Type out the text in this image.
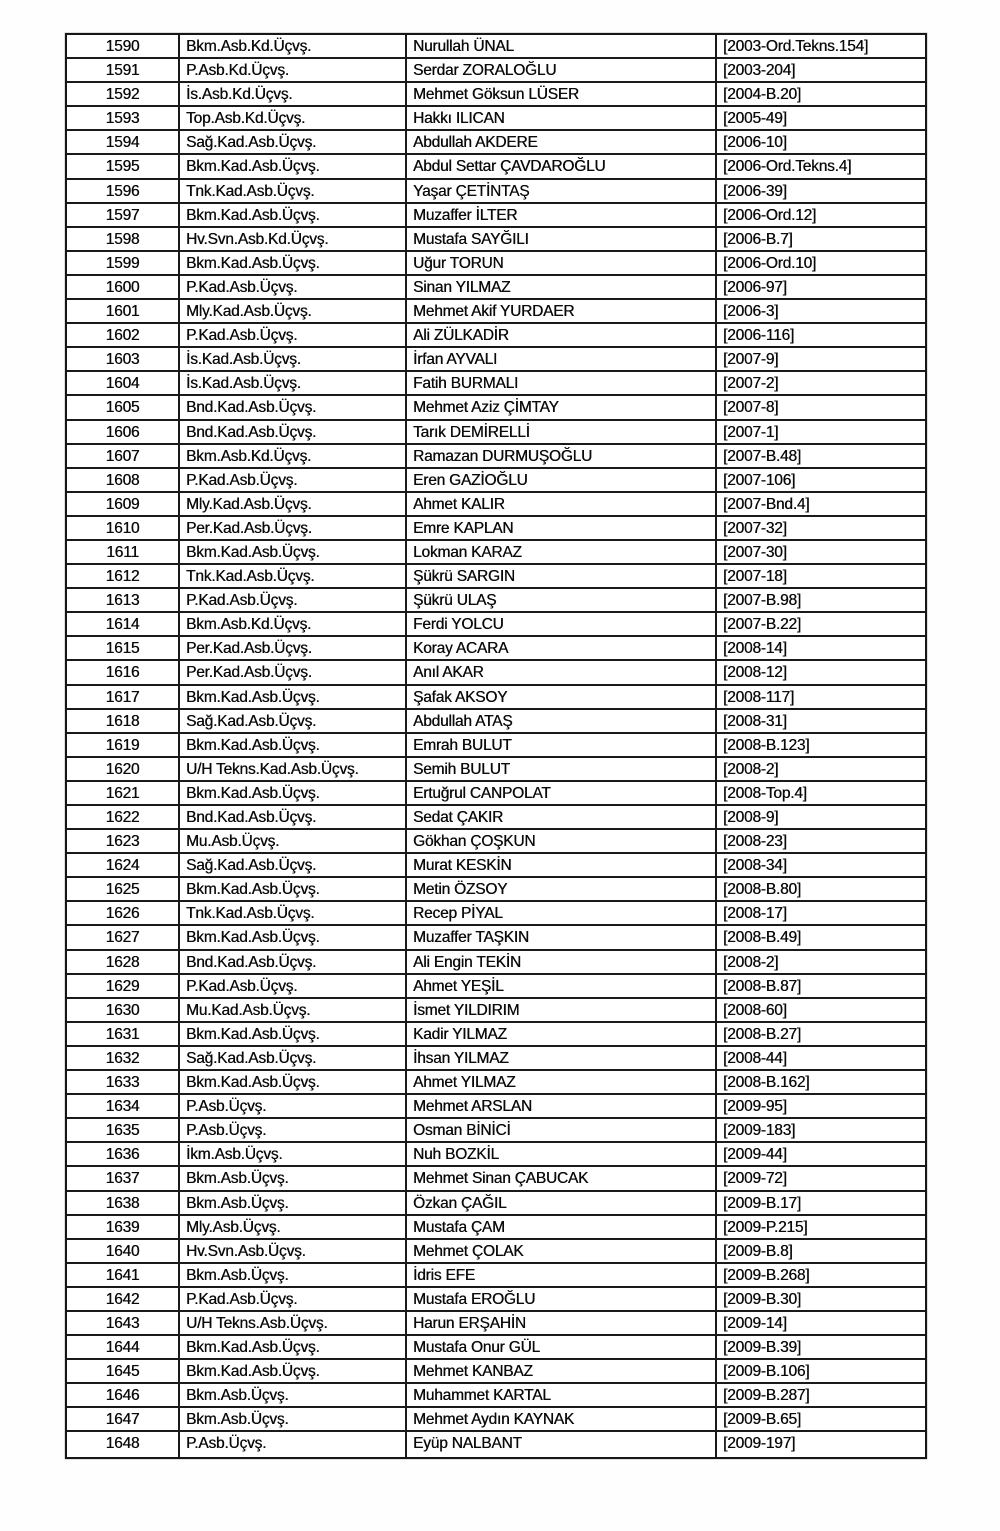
1590	Bkm.Asb.Kd.Üçvş.	Nurullah ÜNAL	[2003-Ord.Tekns.154]
1591	P.Asb.Kd.Üçvş.	Serdar ZORALOĞLU	[2003-204]
1592	İs.Asb.Kd.Üçvş.	Mehmet Göksun LÜSER	[2004-B.20]
1593	Top.Asb.Kd.Üçvş.	Hakkı ILICAN	[2005-49]
1594	Sağ.Kad.Asb.Üçvş.	Abdullah AKDERE	[2006-10]
1595	Bkm.Kad.Asb.Üçvş.	Abdul Settar ÇAVDAROĞLU	[2006-Ord.Tekns.4]
1596	Tnk.Kad.Asb.Üçvş.	Yaşar ÇETİNTAŞ	[2006-39]
1597	Bkm.Kad.Asb.Üçvş.	Muzaffer İLTER	[2006-Ord.12]
1598	Hv.Svn.Asb.Kd.Üçvş.	Mustafa SAYĞILI	[2006-B.7]
1599	Bkm.Kad.Asb.Üçvş.	Uğur TORUN	[2006-Ord.10]
1600	P.Kad.Asb.Üçvş.	Sinan YILMAZ	[2006-97]
1601	Mly.Kad.Asb.Üçvş.	Mehmet Akif YURDAER	[2006-3]
1602	P.Kad.Asb.Üçvş.	Ali ZÜLKADİR	[2006-116]
1603	İs.Kad.Asb.Üçvş.	İrfan AYVALI	[2007-9]
1604	İs.Kad.Asb.Üçvş.	Fatih BURMALI	[2007-2]
1605	Bnd.Kad.Asb.Üçvş.	Mehmet Aziz ÇİMTAY	[2007-8]
1606	Bnd.Kad.Asb.Üçvş.	Tarık DEMİRELLİ	[2007-1]
1607	Bkm.Asb.Kd.Üçvş.	Ramazan DURMUŞOĞLU	[2007-B.48]
1608	P.Kad.Asb.Üçvş.	Eren GAZİOĞLU	[2007-106]
1609	Mly.Kad.Asb.Üçvş.	Ahmet KALIR	[2007-Bnd.4]
1610	Per.Kad.Asb.Üçvş.	Emre KAPLAN	[2007-32]
1611	Bkm.Kad.Asb.Üçvş.	Lokman KARAZ	[2007-30]
1612	Tnk.Kad.Asb.Üçvş.	Şükrü SARGIN	[2007-18]
1613	P.Kad.Asb.Üçvş.	Şükrü ULAŞ	[2007-B.98]
1614	Bkm.Asb.Kd.Üçvş.	Ferdi YOLCU	[2007-B.22]
1615	Per.Kad.Asb.Üçvş.	Koray ACARA	[2008-14]
1616	Per.Kad.Asb.Üçvş.	Anıl AKAR	[2008-12]
1617	Bkm.Kad.Asb.Üçvş.	Şafak AKSOY	[2008-117]
1618	Sağ.Kad.Asb.Üçvş.	Abdullah ATAŞ	[2008-31]
1619	Bkm.Kad.Asb.Üçvş.	Emrah BULUT	[2008-B.123]
1620	U/H Tekns.Kad.Asb.Üçvş.	Semih BULUT	[2008-2]
1621	Bkm.Kad.Asb.Üçvş.	Ertuğrul CANPOLAT	[2008-Top.4]
1622	Bnd.Kad.Asb.Üçvş.	Sedat ÇAKIR	[2008-9]
1623	Mu.Asb.Üçvş.	Gökhan ÇOŞKUN	[2008-23]
1624	Sağ.Kad.Asb.Üçvş.	Murat KESKİN	[2008-34]
1625	Bkm.Kad.Asb.Üçvş.	Metin ÖZSOY	[2008-B.80]
1626	Tnk.Kad.Asb.Üçvş.	Recep PİYAL	[2008-17]
1627	Bkm.Kad.Asb.Üçvş.	Muzaffer TAŞKIN	[2008-B.49]
1628	Bnd.Kad.Asb.Üçvş.	Ali Engin TEKİN	[2008-2]
1629	P.Kad.Asb.Üçvş.	Ahmet YEŞİL	[2008-B.87]
1630	Mu.Kad.Asb.Üçvş.	İsmet YILDIRIM	[2008-60]
1631	Bkm.Kad.Asb.Üçvş.	Kadir YILMAZ	[2008-B.27]
1632	Sağ.Kad.Asb.Üçvş.	İhsan YILMAZ	[2008-44]
1633	Bkm.Kad.Asb.Üçvş.	Ahmet YILMAZ	[2008-B.162]
1634	P.Asb.Üçvş.	Mehmet ARSLAN	[2009-95]
1635	P.Asb.Üçvş.	Osman BİNİCİ	[2009-183]
1636	İkm.Asb.Üçvş.	Nuh BOZKİL	[2009-44]
1637	Bkm.Asb.Üçvş.	Mehmet Sinan ÇABUCAK	[2009-72]
1638	Bkm.Asb.Üçvş.	Özkan ÇAĞIL	[2009-B.17]
1639	Mly.Asb.Üçvş.	Mustafa ÇAM	[2009-P.215]
1640	Hv.Svn.Asb.Üçvş.	Mehmet ÇOLAK	[2009-B.8]
1641	Bkm.Asb.Üçvş.	İdris EFE	[2009-B.268]
1642	P.Kad.Asb.Üçvş.	Mustafa EROĞLU	[2009-B.30]
1643	U/H Tekns.Asb.Üçvş.	Harun ERŞAHİN	[2009-14]
1644	Bkm.Kad.Asb.Üçvş.	Mustafa Onur GÜL	[2009-B.39]
1645	Bkm.Kad.Asb.Üçvş.	Mehmet KANBAZ	[2009-B.106]
1646	Bkm.Asb.Üçvş.	Muhammet KARTAL	[2009-B.287]
1647	Bkm.Asb.Üçvş.	Mehmet Aydın KAYNAK	[2009-B.65]
1648	P.Asb.Üçvş.	Eyüp NALBANT	[2009-197]
